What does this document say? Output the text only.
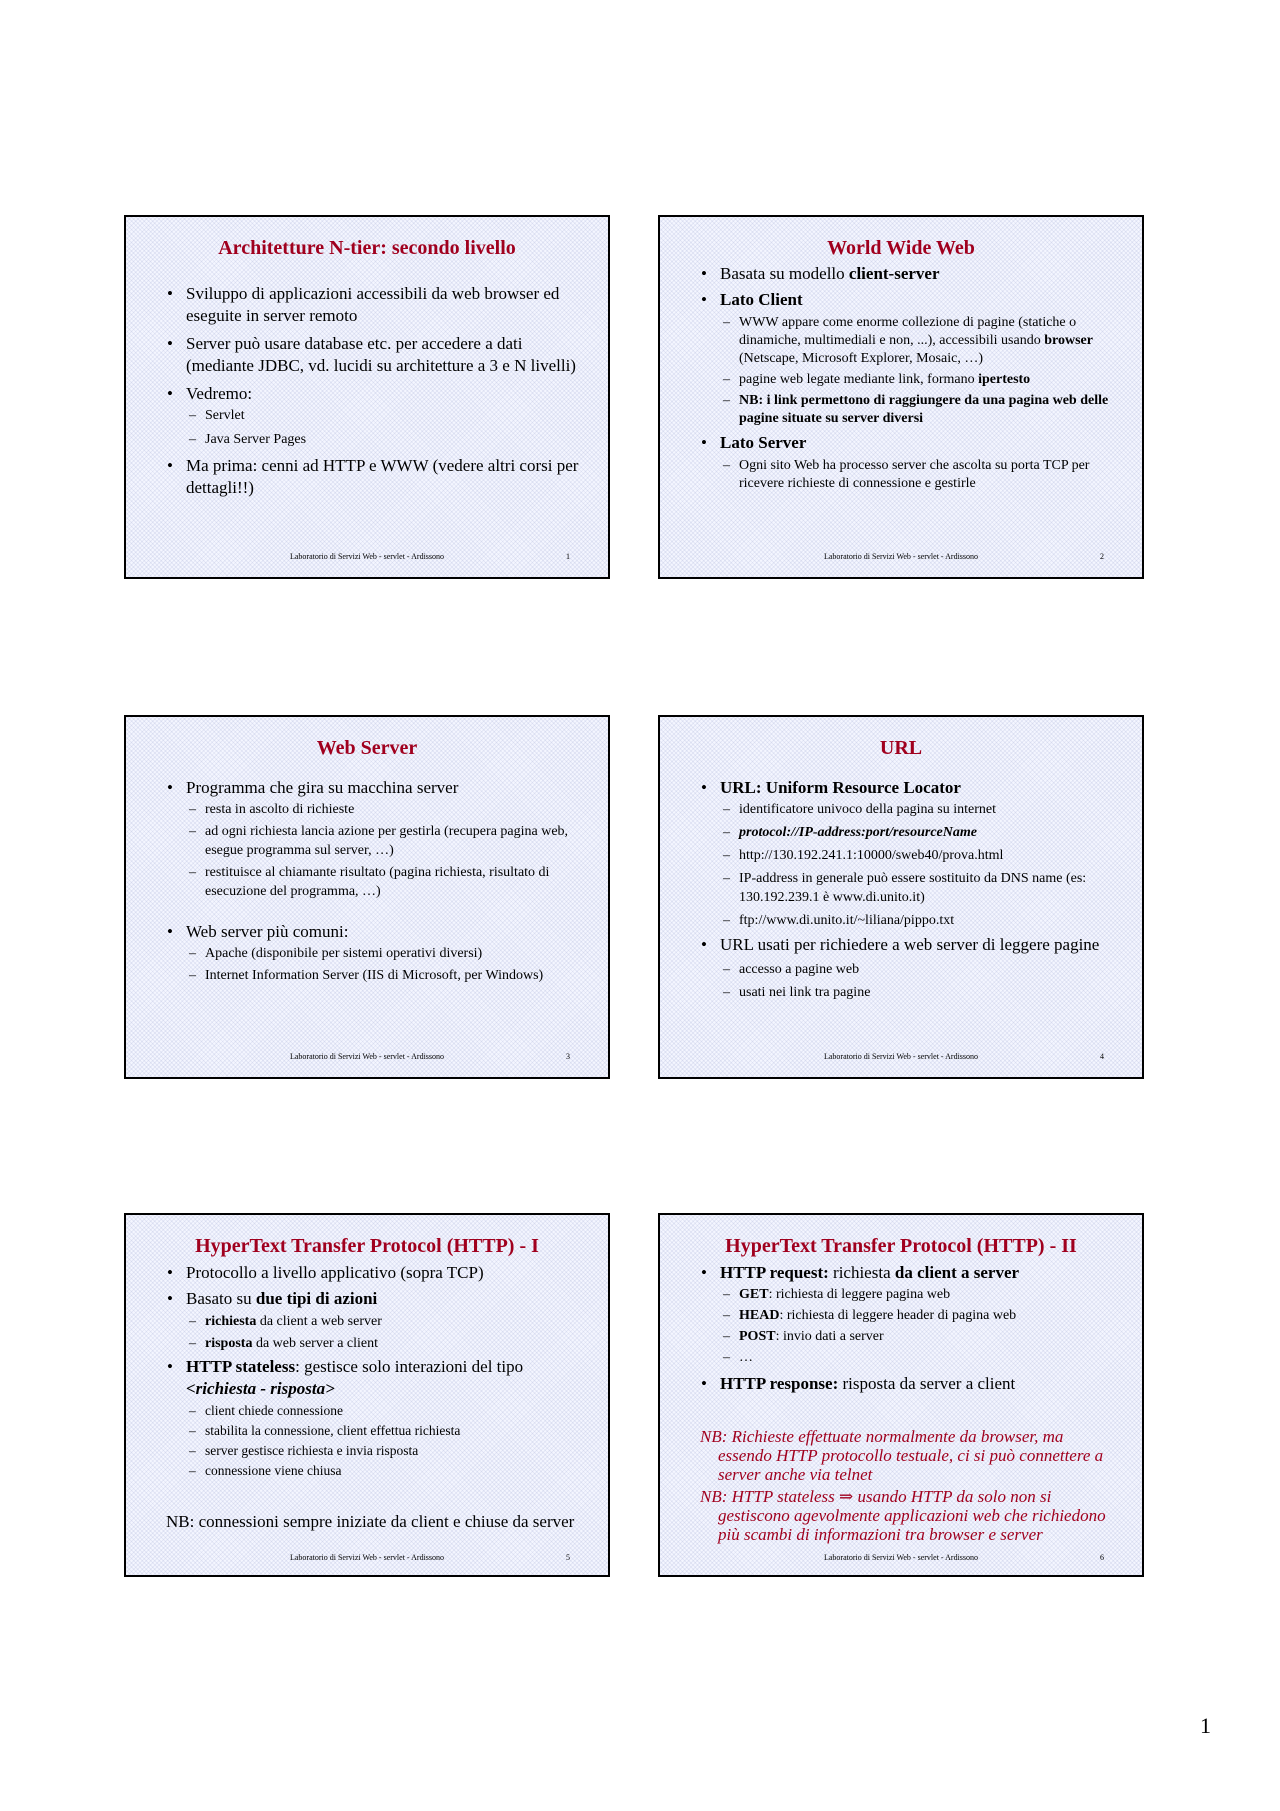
Architetture N-tier: secondo livello
• Sviluppo di applicazioni accessibili da web browser ed eseguite in server remoto
• Server può usare database etc. per accedere a dati (mediante JDBC, vd. lucidi su architetture a 3 e N livelli)
• Vedremo:
– Servlet
– Java Server Pages
• Ma prima: cenni ad HTTP e WWW (vedere altri corsi per dettagli!!)
Laboratorio di Servizi Web - servlet - Ardissono	1
World Wide Web
• Basata su modello client-server
• Lato Client
– WWW appare come enorme collezione di pagine (statiche o dinamiche, multimediali e non, ...), accessibili usando browser (Netscape, Microsoft Explorer, Mosaic, …)
– pagine web legate mediante link, formano ipertesto
– NB: i link permettono di raggiungere da una pagina web delle pagine situate su server diversi
• Lato Server
– Ogni sito Web ha processo server che ascolta su porta TCP per ricevere richieste di connessione e gestirle
Laboratorio di Servizi Web - servlet - Ardissono	2
Web Server
• Programma che gira su macchina server
– resta in ascolto di richieste
– ad ogni richiesta lancia azione per gestirla (recupera pagina web, esegue programma sul server, …)
– restituisce al chiamante risultato (pagina richiesta, risultato di esecuzione del programma, …)
• Web server più comuni:
– Apache (disponibile per sistemi operativi diversi)
– Internet Information Server (IIS di Microsoft, per Windows)
Laboratorio di Servizi Web - servlet - Ardissono	3
URL
• URL: Uniform Resource Locator
– identificatore univoco della pagina su internet
– protocol://IP-address:port/resourceName
– http://130.192.241.1:10000/sweb40/prova.html
– IP-address in generale può essere sostituito da DNS name (es: 130.192.239.1 è www.di.unito.it)
– ftp://www.di.unito.it/~liliana/pippo.txt
• URL usati per richiedere a web server di leggere pagine
– accesso a pagine web
– usati nei link tra pagine
Laboratorio di Servizi Web - servlet - Ardissono	4
HyperText Transfer Protocol (HTTP) - I
• Protocollo a livello applicativo (sopra TCP)
• Basato su due tipi di azioni
– richiesta da client a web server
– risposta da web server a client
• HTTP stateless: gestisce solo interazioni del tipo <richiesta - risposta>
– client chiede connessione
– stabilita la connessione, client effettua richiesta
– server gestisce richiesta e invia risposta
– connessione viene chiusa
NB: connessioni sempre iniziate da client e chiuse da server
Laboratorio di Servizi Web - servlet - Ardissono	5
HyperText Transfer Protocol (HTTP) - II
• HTTP request: richiesta da client a server
– GET: richiesta di leggere pagina web
– HEAD: richiesta di leggere header di pagina web
– POST: invio dati a server
– …
• HTTP response: risposta da server a client
NB: Richieste effettuate normalmente da browser, ma essendo HTTP protocollo testuale, ci si può connettere a server anche via telnet
NB: HTTP stateless ⇒ usando HTTP da solo non si gestiscono agevolmente applicazioni web che richiedono più scambi di informazioni tra browser e server
Laboratorio di Servizi Web - servlet - Ardissono	6
1
